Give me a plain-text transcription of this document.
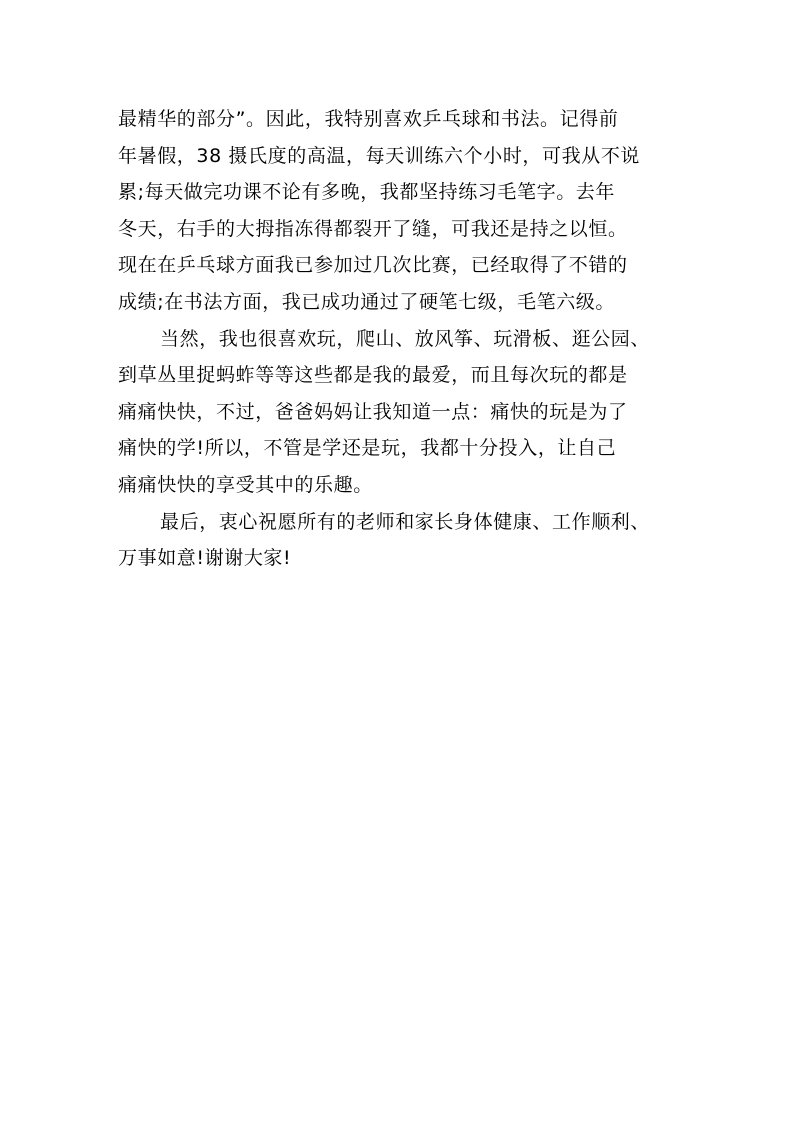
最精华的部分”。因此，我特别喜欢乒乓球和书法。记得前
年暑假，38 摄氏度的高温，每天训练六个小时，可我从不说
累;每天做完功课不论有多晚，我都坚持练习毛笔字。去年
冬天，右手的大拇指冻得都裂开了缝，可我还是持之以恒。
现在在乒乓球方面我已参加过几次比赛，已经取得了不错的
成绩;在书法方面，我已成功通过了硬笔七级，毛笔六级。
当然，我也很喜欢玩，爬山、放风筝、玩滑板、逛公园、
到草丛里捉蚂蚱等等这些都是我的最爱，而且每次玩的都是
痛痛快快，不过，爸爸妈妈让我知道一点：痛快的玩是为了
痛快的学!所以，不管是学还是玩，我都十分投入，让自己
痛痛快快的享受其中的乐趣。
最后，衷心祝愿所有的老师和家长身体健康、工作顺利、
万事如意!谢谢大家!
